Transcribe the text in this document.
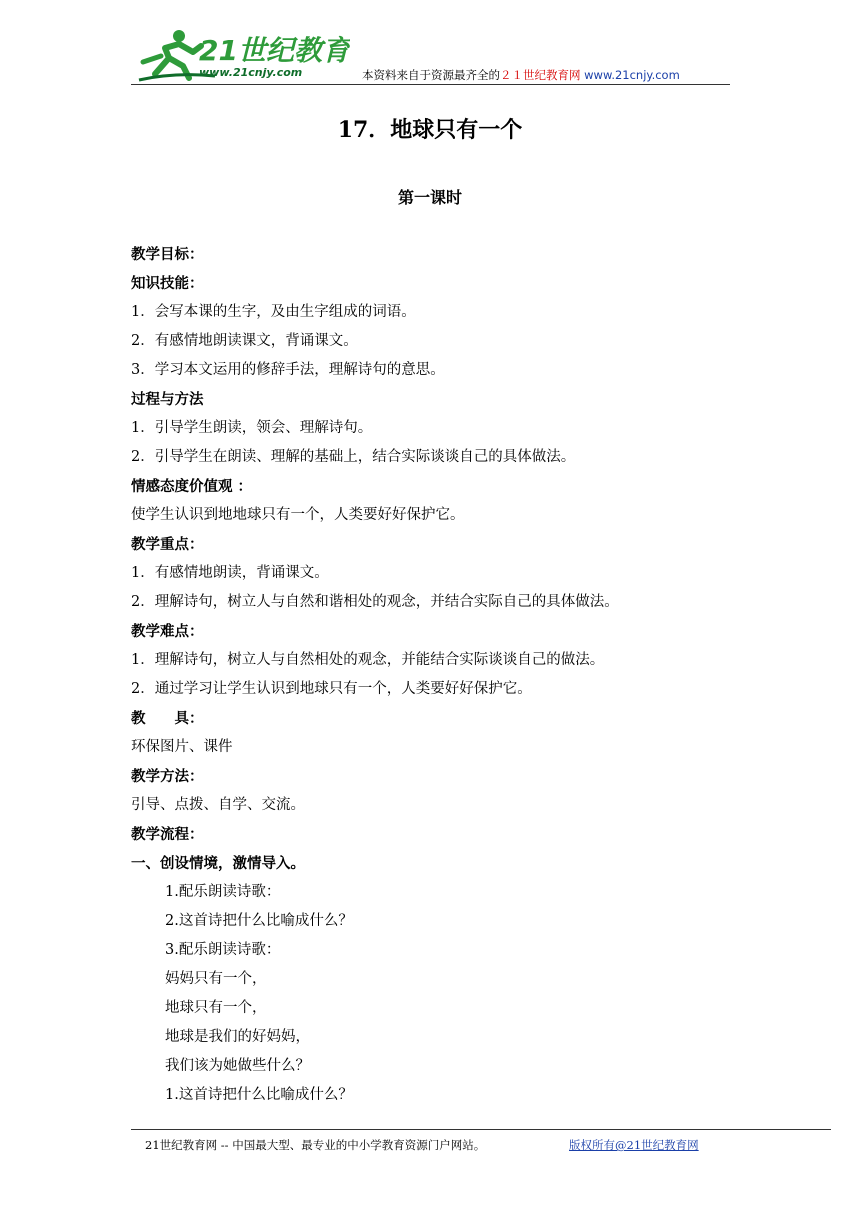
21世纪教育
www.21cnjy.com	本资料来自于资源最齐全的２１世纪教育网 www.21cnjy.com
17．地球只有一个
第一课时
教学目标：
知识技能：
1．会写本课的生字，及由生字组成的词语。
2．有感情地朗读课文，背诵课文。
3．学习本文运用的修辞手法，理解诗句的意思。
过程与方法
1．引导学生朗读，领会、理解诗句。
2．引导学生在朗读、理解的基础上，结合实际谈谈自己的具体做法。
情感态度价值观 ：
使学生认识到地地球只有一个，人类要好好保护它。
教学重点：
1．有感情地朗读，背诵课文。
2．理解诗句，树立人与自然和谐相处的观念，并结合实际自己的具体做法。
教学难点：
1．理解诗句，树立人与自然相处的观念，并能结合实际谈谈自己的做法。
2．通过学习让学生认识到地球只有一个，人类要好好保护它。
教　　具：
环保图片、课件
教学方法：
引导、点拨、自学、交流。
教学流程：
一、创设情境，激情导入。
1.配乐朗读诗歌：
2.这首诗把什么比喻成什么？
3.配乐朗读诗歌：
妈妈只有一个，
地球只有一个，
地球是我们的好妈妈，
我们该为她做些什么？
1.这首诗把什么比喻成什么？
21世纪教育网 -- 中国最大型、最专业的中小学教育资源门户网站。	版权所有@21世纪教育网
